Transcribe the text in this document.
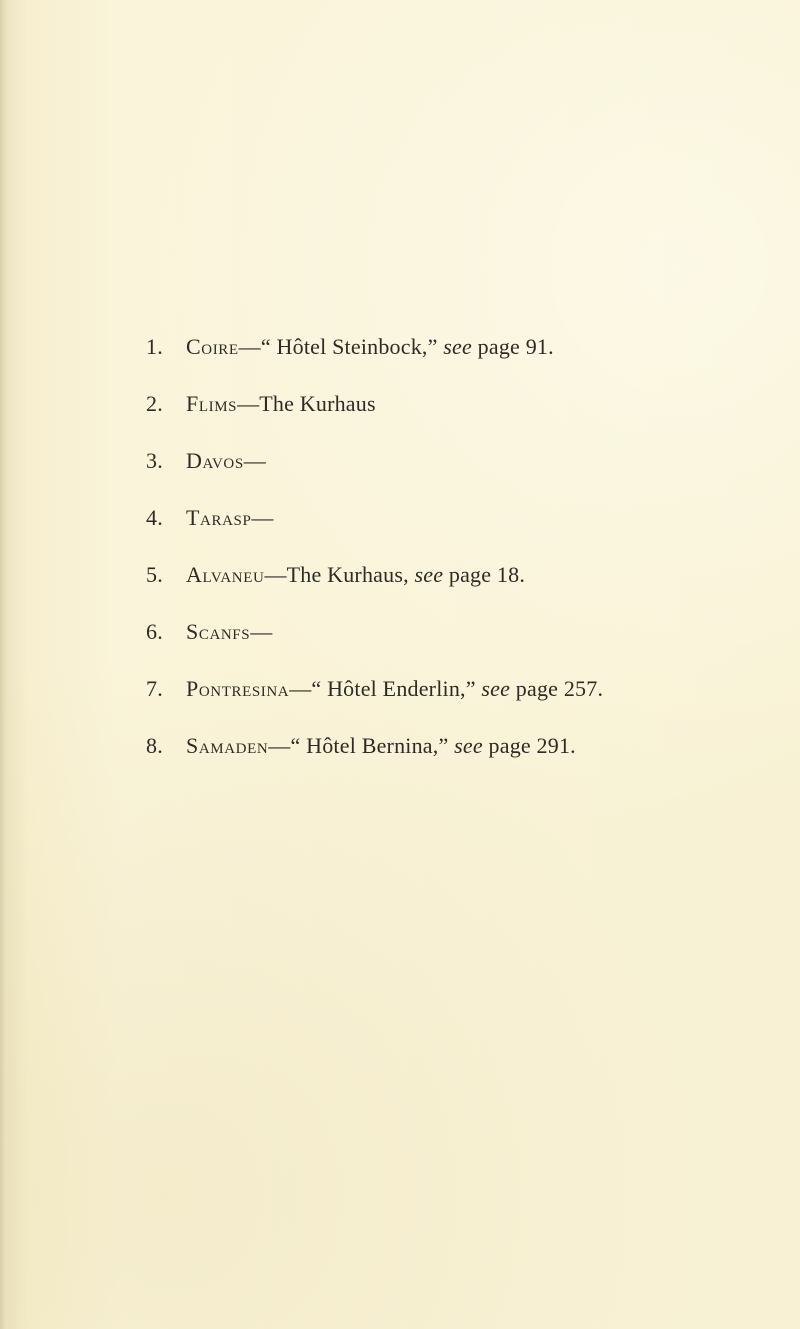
1.	Coire—“ Hôtel Steinbock,” see page 91.
2.	Flims—The Kurhaus
3.	Davos—
4.	Tarasp—
5.	Alvaneu—The Kurhaus, see page 18.
6.	Scanfs—
7.	Pontresina—“ Hôtel Enderlin,” see page 257.
8.	Samaden—“ Hôtel Bernina,” see page 291.
